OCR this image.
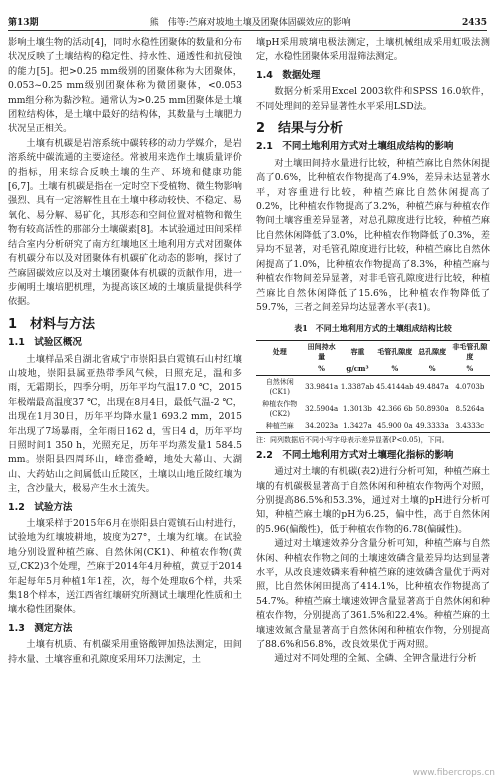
第13期	熊　伟等:苎麻对坡地土壤及团聚体固碳效应的影响	2435

影响土壤生物的活动[4]，同时水稳性团聚体的数量和分布状况反映了土壤结构的稳定性、持水性、通透性和抗侵蚀的能力[5]。把>0.25 mm级别的团聚体称为大团聚体，0.053~0.25 mm级别团聚体称为微团聚体，<0.053 mm组分称为黏沙粒。通常认为>0.25 mm团聚体是土壤团粒结构体，是土壤中最好的结构体，其数量与土壤肥力状况呈正相关。

土壤有机碳是岩溶系统中碳转移的动力学媒介，是岩溶系统中碳流通的主要途径。常被用来选作土壤质量评价的指标，用来综合反映土壤的生产、环境和健康功能[6,7]。土壤有机碳是指在一定时空下受植物、微生物影响强烈、具有一定溶解性且在土壤中移动较快、不稳定、易氧化、易分解、易矿化，其形态和空间位置对植物和微生物有较高活性的那部分土壤碳素[8]。本试验通过田间采样结合室内分析研究了南方红壤地区土地利用方式对团聚体有机碳分布以及对团聚体有机碳矿化动态的影响，探讨了苎麻固碳效应以及对土壤团聚体有机碳的贡献作用，进一步阐明土壤培肥机理，为提高该区域的土壤质量提供科学依据。

1　材料与方法
1.1　试验区概况

土壤样品采自湖北省咸宁市崇阳县白霓镇石山村红壤山坡地，崇阳县属亚热带季风气候，日照充足，温和多雨，无霜期长，四季分明，历年平均气温17.0 ℃，2015年极端最高温度37 ℃，出现在8月4日，最低气温-2 ℃，出现在1月30日，历年平均降水量1 693.2 mm，2015年出现了7场暴雨，全年雨日162 d，雪日4 d，历年平均日照时间1 350 h，光照充足，历年平均蒸发量1 584.5 mm。崇阳县四周环山，峰峦叠嶂，地处大幕山、大湖山、大药姑山之间属低山丘陵区，土壤以山地丘陵红壤为主，含沙量大，极易产生水土流失。

1.2　试验方法

土壤采样于2015年6月在崇阳县白霓镇石山村进行，试验地为红壤坡耕地，坡度为27°，土壤为红壤。在试验地分别设置种植苎麻、自然休闲(CK1)、种植农作物(黄豆,CK2)3个处理，苎麻于2014年4月种植，黄豆于2014年起每年5月种植1年1茬，次，每个处理取6个样，共采集18个样本，送江西省红壤研究所测试土壤理化性质和土壤水稳性团聚体。

1.3　测定方法

土壤有机质、有机碳采用重铬酸钾加热法测定，田间持水量、土壤容重和孔隙度采用环刀法测定，土

壤pH采用玻璃电极法测定，土壤机械组成采用虹吸法测定，水稳性团聚体采用湿筛法测定。

1.4　数据处理

数据分析采用Excel 2003软件和SPSS 16.0软件，不同处理间的差异显著性水平采用LSD法。

2　结果与分析
2.1　不同土地利用方式对土壤组成结构的影响

对土壤田间持水量进行比较，种植苎麻比自然休闲提高了0.6%，比种植农作物提高了4.9%，差异未达显著水平，对容重进行比较，种植苎麻比自然休闲提高了0.2%，比种植农作物提高了3.2%，种植苎麻与种植农作物间土壤容重差异显著，对总孔隙度进行比较，种植苎麻比自然休闲降低了3.0%，比种植农作物降低了0.3%，差异均不显著，对毛管孔隙度进行比较，种植苎麻比自然休闲提高了1.0%，比种植农作物提高了8.3%，种植苎麻与种植农作物间差异显著，对非毛管孔隙度进行比较，种植苎麻比自然休闲降低了15.6%，比种植农作物降低了59.7%，三者之间差异均达显著水平(表1)。

表1　不同土地利用方式的土壤组成结构比较
处理	田间持水量	容重	毛管孔隙度	总孔隙度	非毛管孔隙度
	%	g/cm³	%	%	%
自然休闲(CK1)	33.9841a	1.3387ab	45.4144ab	49.4847a	4.0703b
种植农作物(CK2)	32.5904a	1.3013b	42.366 6b	50.8930a	8.5264a
种植苎麻	34.2023a	1.3427a	45.900 0a	49.3333a	3.4333c
注：同列数据后不同小写字母表示差异显著(P<0.05)，下同。
2.2　不同土地利用方式对土壤理化指标的影响

通过对土壤的有机碳(表2)进行分析可知，种植苎麻土壤的有机碳极显著高于自然休闲和种植农作物两个对照，分别提高86.5%和53.3%，通过对土壤的pH进行分析可知，种植苎麻土壤的pH为6.25，偏中性，高于自然休闲的5.96(偏酸性)，低于种植农作物的6.78(偏碱性)。

通过对土壤速效养分含量分析可知，种植苎麻与自然休闲、种植农作物之间的土壤速效磷含量差异均达到显著水平，从改良速效磷来看种植苎麻的速效磷含量优于两对照，比自然休闲田提高了414.1%，比种植农作物提高了54.7%。种植苎麻土壤速效钾含量显著高于自然休闲和种植农作物，分别提高了361.5%和22.4%。种植苎麻的土壤速效氮含量显著高于自然休闲和种植农作物，分别提高了88.6%和56.8%，改良效果优于两对照。

通过对不同处理的全氮、全磷、全钾含量进行分析

www.fibercrops.cn
